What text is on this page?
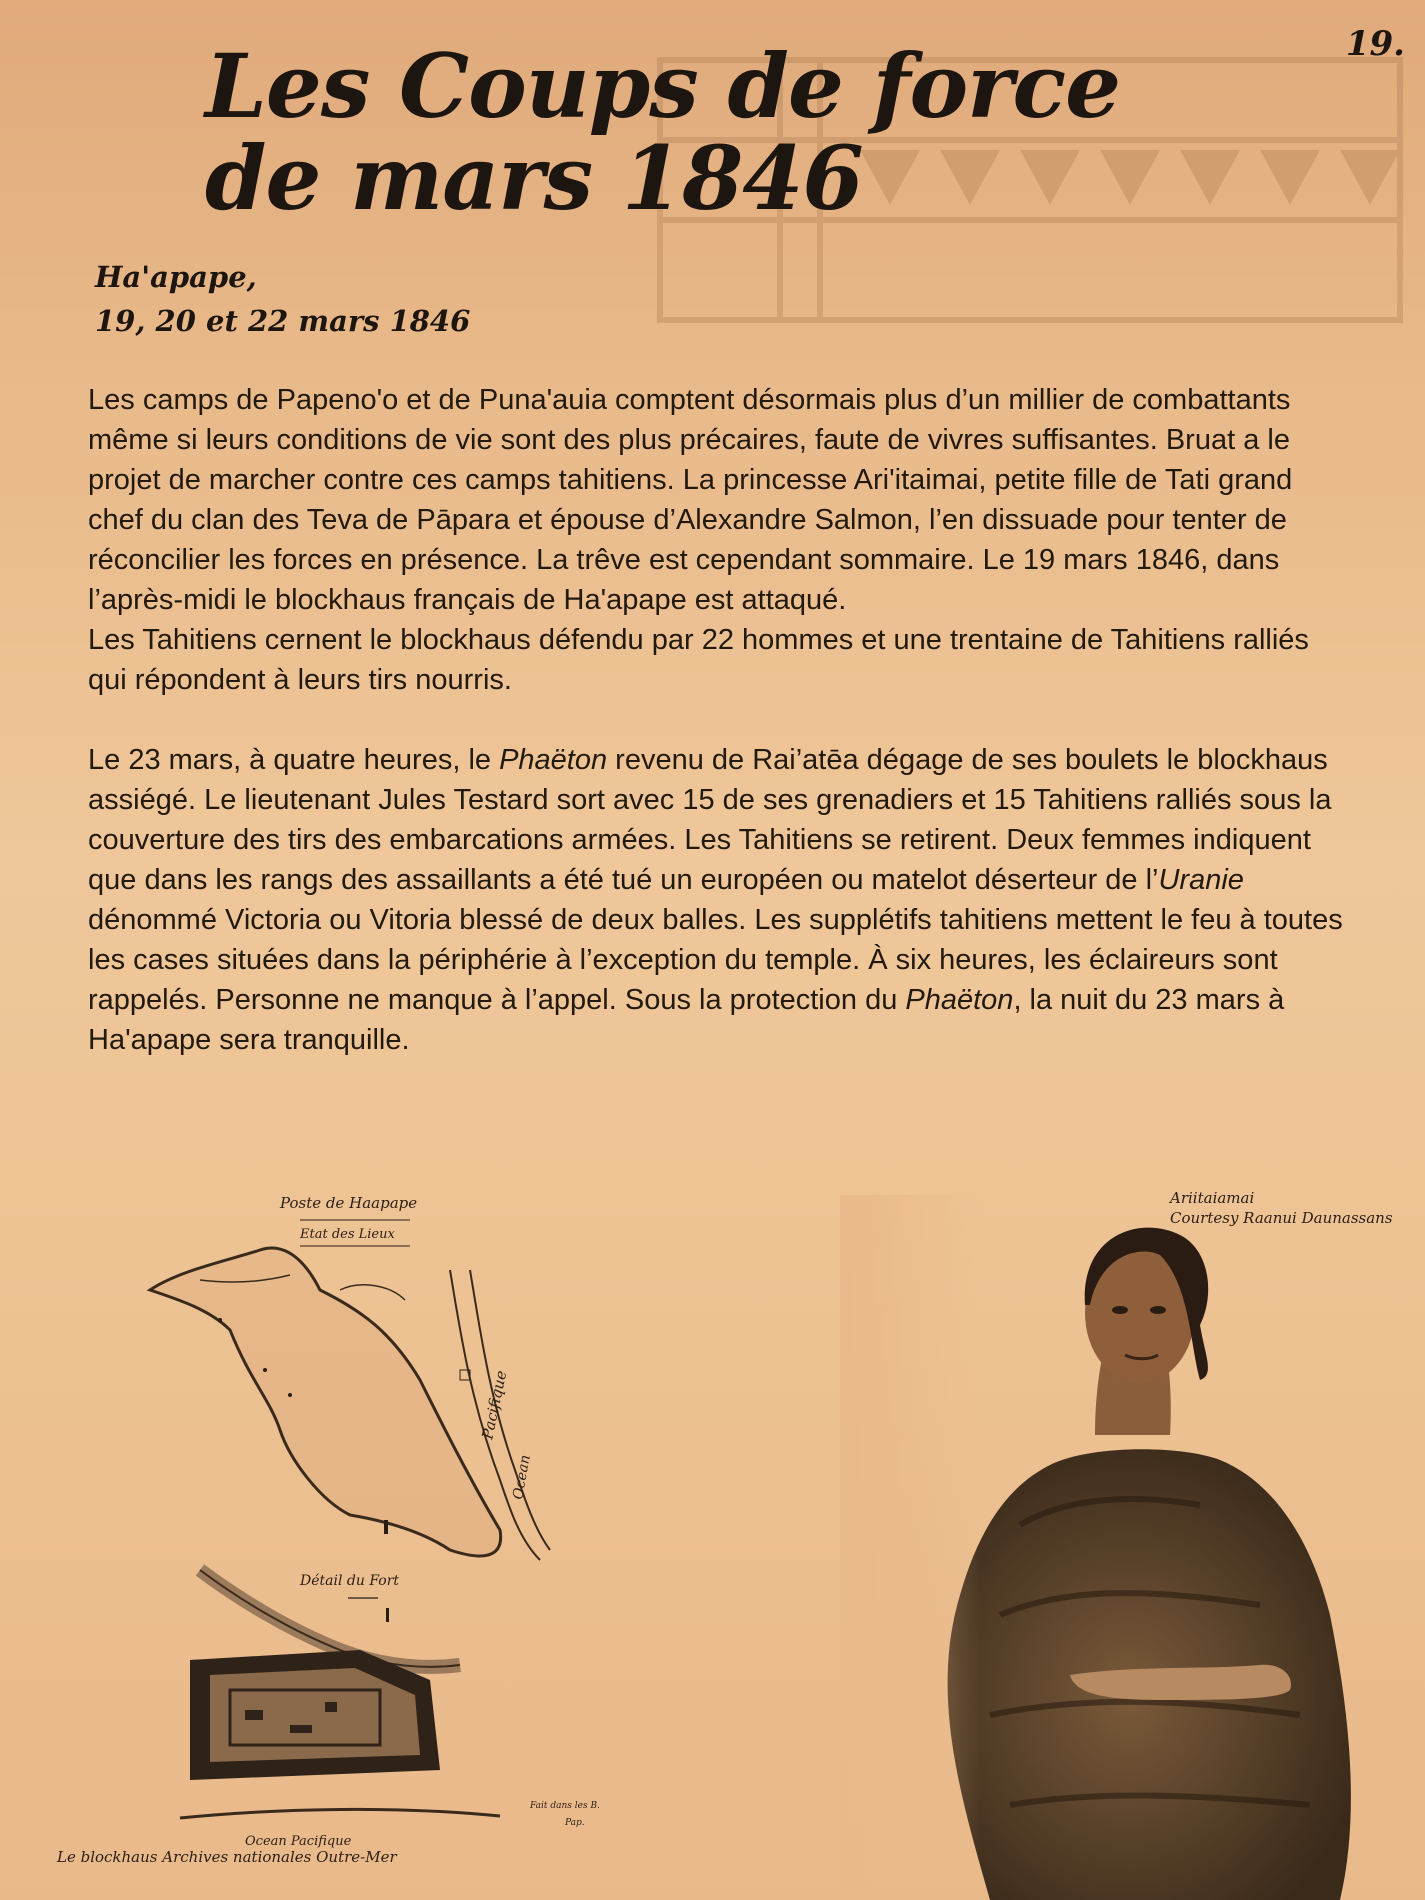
19.
Les Coups de force
de mars 1846
Ha'apape,
19, 20 et 22 mars 1846

Les camps de Papeno'o et de Puna'auia comptent désormais plus d’un millier de combattants même si leurs conditions de vie sont des plus précaires, faute de vivres suffisantes. Bruat a le projet de marcher contre ces camps tahitiens. La princesse Ari'itaimai, petite fille de Tati grand chef du clan des Teva de Pāpara et épouse d’Alexandre Salmon, l’en dissuade pour tenter de réconcilier les forces en présence. La trêve est cependant sommaire. Le 19 mars 1846, dans l’après-midi le blockhaus français de Ha'apape est attaqué.

Les Tahitiens cernent le blockhaus défendu par 22 hommes et une trentaine de Tahitiens ralliés qui répondent à leurs tirs nourris.

Le 23 mars, à quatre heures, le Phaëton revenu de Rai’atēa dégage de ses boulets le blockhaus assiégé. Le lieutenant Jules Testard sort avec 15 de ses grenadiers et 15 Tahitiens ralliés sous la couverture des tirs des embarcations armées. Les Tahitiens se retirent. Deux femmes indiquent que dans les rangs des assaillants a été tué un européen ou matelot déserteur de l’Uranie dénommé Victoria ou Vitoria blessé de deux balles. Les supplétifs tahitiens mettent le feu à toutes les cases situées dans la périphérie à l’exception du temple. À six heures, les éclaireurs sont rappelés. Personne ne manque à l’appel. Sous la protection du Phaëton, la nuit du 23 mars à Ha'apape sera tranquille.

Poste de Haapape
Etat des Lieux
Pacifique
Ocean
Détail du Fort
Ocean Pacifique
Fait dans les B.
Pap.
Le blockhaus Archives nationales Outre-Mer
Ariitaiamai
Courtesy Raanui Daunassans
